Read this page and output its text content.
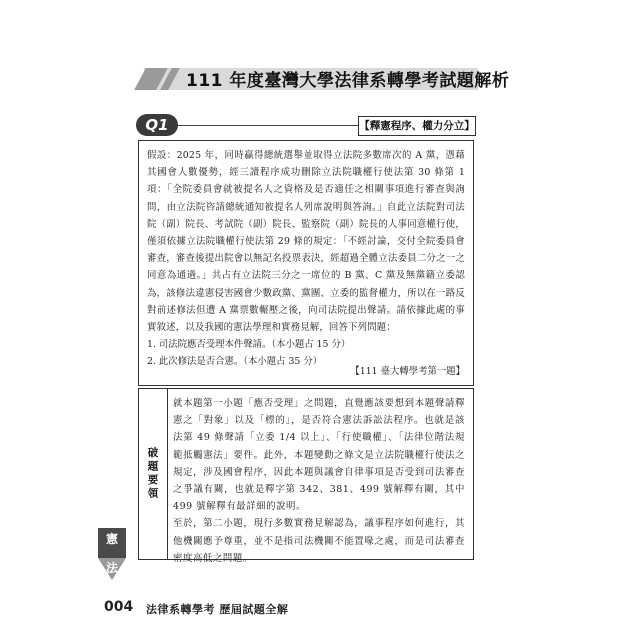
111 年度臺灣大學法律系轉學考試題解析
Q1	【釋憲程序、權力分立】

假設：2025 年，同時贏得總統選舉並取得立法院多數席次的 A 黨，憑藉其國會人數優勢，經三讀程序成功刪除立法院職權行使法第 30 條第 1 項：「全院委員會就被提名人之資格及是否適任之相關事項進行審查與詢問，由立法院咨請總統通知被提名人列席說明與答詢。」自此立法院對司法院（副）院長、考試院（副）院長、監察院（副）院長的人事同意權行使，僅須依據立法院職權行使法第 29 條的規定：「不經討論，交付全院委員會審查，審查後提出院會以無記名投票表決，經超過全體立法委員二分之一之同意為通過。」共占有立法院三分之一席位的 B 黨、C 黨及無黨籍立委認為，該修法違憲侵害國會少數政黨、黨團、立委的監督權力，所以在一路反對前述修法但遭 A 黨票數輾壓之後，向司法院提出聲請。請依據此處的事實敘述，以及我國的憲法學理和實務見解，回答下列問題：

1. 司法院應否受理本件聲請。（本小題占 15 分）

2. 此次修法是否合憲。（本小題占 35 分）

【111 臺大轉學考第一題】
破題要領

就本題第一小題「應否受理」之問題，直覺應該要想到本題聲請釋憲之「對象」以及「標的」，是否符合憲法訴訟法程序。也就是該法第 49 條聲請「立委 1/4 以上」、「行使職權」、「法律位階法規範抵觸憲法」要件。此外，本題變動之條文是立法院職權行使法之規定，涉及國會程序，因此本題與議會自律事項是否受到司法審查之爭議有關，也就是釋字第 342、381、499 號解釋有關，其中 499 號解釋有最詳細的說明。

至於，第二小題，現行多數實務見解認為，議事程序如何進行，其他機關應予尊重，並不是指司法機關不能置喙之處，而是司法審查密度高低之問題。

憲
法
004 法律系轉學考 歷屆試題全解
